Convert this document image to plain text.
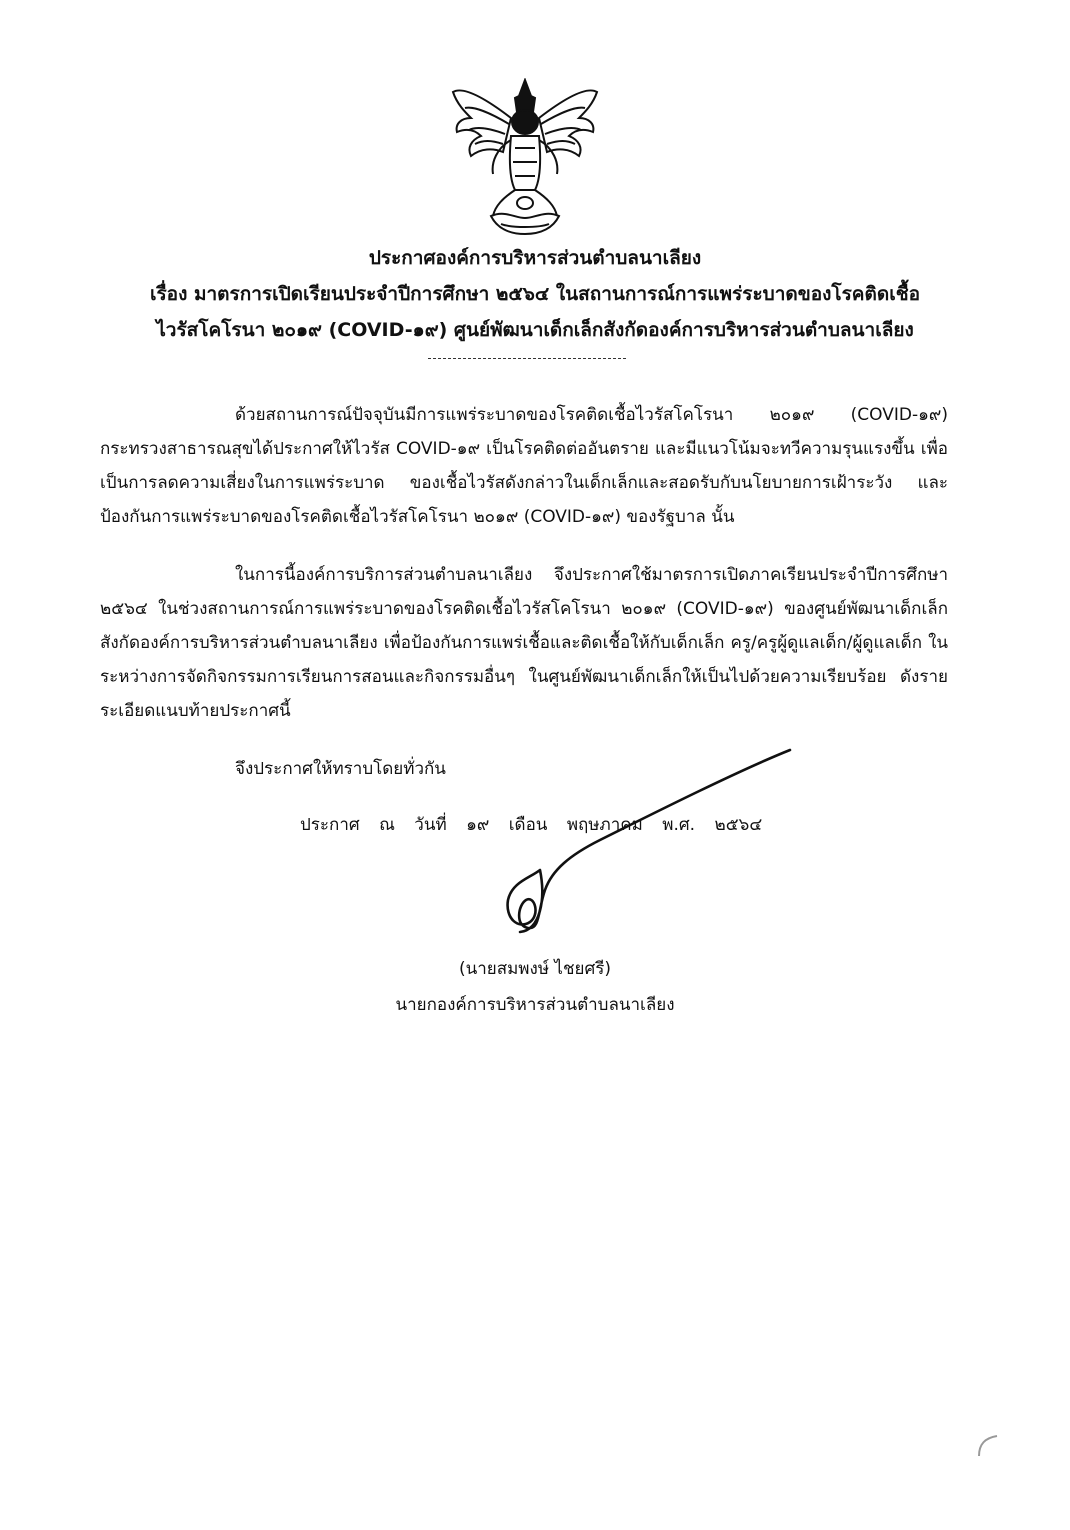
ประกาศองค์การบริหารส่วนตำบลนาเลียง
เรื่อง มาตรการเปิดเรียนประจำปีการศึกษา ๒๕๖๔ ในสถานการณ์การแพร่ระบาดของโรคติดเชื้อ
ไวรัสโคโรนา ๒๐๑๙ (COVID-๑๙) ศูนย์พัฒนาเด็กเล็กสังกัดองค์การบริหารส่วนตำบลนาเลียง
ด้วยสถานการณ์ปัจจุบันมีการแพร่ระบาดของโรคติดเชื้อไวรัสโคโรนา ๒๐๑๙ (COVID-๑๙) กระทรวงสาธารณสุขได้ประกาศให้ไวรัส COVID-๑๙ เป็นโรคติดต่ออันตราย และมีแนวโน้มจะทวีความรุนแรงขึ้น เพื่อเป็นการลดความเสี่ยงในการแพร่ระบาด ของเชื้อไวรัสดังกล่าวในเด็กเล็กและสอดรับกับนโยบายการเฝ้าระวัง และป้องกันการแพร่ระบาดของโรคติดเชื้อไวรัสโคโรนา ๒๐๑๙ (COVID-๑๙) ของรัฐบาล นั้น
ในการนี้องค์การบริการส่วนตำบลนาเลียง จึงประกาศใช้มาตรการเปิดภาคเรียนประจำปีการศึกษา ๒๕๖๔ ในช่วงสถานการณ์การแพร่ระบาดของโรคติดเชื้อไวรัสโคโรนา ๒๐๑๙ (COVID-๑๙) ของศูนย์พัฒนาเด็กเล็กสังกัดองค์การบริหารส่วนตำบลนาเลียง เพื่อป้องกันการแพร่เชื้อและติดเชื้อให้กับเด็กเล็ก ครู/ครูผู้ดูแลเด็ก/ผู้ดูแลเด็ก ในระหว่างการจัดกิจกรรมการเรียนการสอนและกิจกรรมอื่นๆ ในศูนย์พัฒนาเด็กเล็กให้เป็นไปด้วยความเรียบร้อย ดังรายระเอียดแนบท้ายประกาศนี้
จึงประกาศให้ทราบโดยทั่วกัน
ประกาศ ณ วันที่ ๑๙ เดือน พฤษภาคม พ.ศ. ๒๕๖๔
(นายสมพงษ์ ไชยศรี)
นายกองค์การบริหารส่วนตำบลนาเลียง
